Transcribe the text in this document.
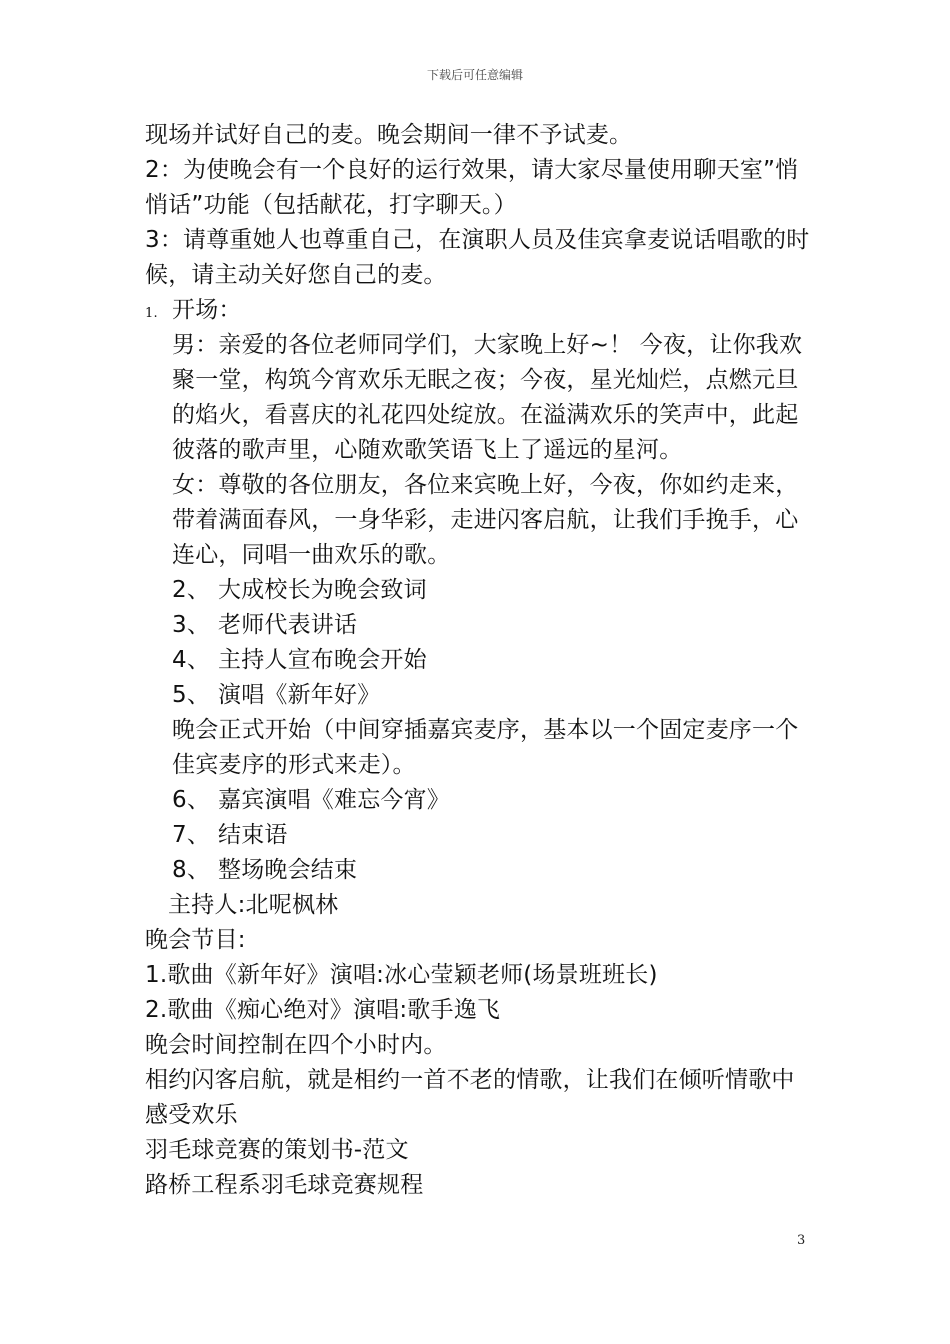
下载后可任意编辑
现场并试好自己的麦。晚会期间一律不予试麦。
2：为使晚会有一个良好的运行效果，请大家尽量使用聊天室”悄
悄话”功能（包括献花，打字聊天。）
3：请尊重她人也尊重自己，在演职人员及佳宾拿麦说话唱歌的时
候，请主动关好您自己的麦。
1. 开场：
男：亲爱的各位老师同学们，大家晚上好~！ 今夜，让你我欢
聚一堂，构筑今宵欢乐无眠之夜；今夜，星光灿烂，点燃元旦
的焰火，看喜庆的礼花四处绽放。在溢满欢乐的笑声中，此起
彼落的歌声里，心随欢歌笑语飞上了遥远的星河。
女：尊敬的各位朋友，各位来宾晚上好，今夜，你如约走来，
带着满面春风，一身华彩，走进闪客启航，让我们手挽手，心
连心，同唱一曲欢乐的歌。
2、 大成校长为晚会致词
3、 老师代表讲话
4、 主持人宣布晚会开始
5、 演唱《新年好》
晚会正式开始（中间穿插嘉宾麦序，基本以一个固定麦序一个
佳宾麦序的形式来走）。
6、 嘉宾演唱《难忘今宵》
7、 结束语
8、 整场晚会结束
主持人:北呢枫林
晚会节目:
1.歌曲《新年好》演唱:冰心莹颖老师(场景班班长)
2.歌曲《痴心绝对》演唱:歌手逸飞
晚会时间控制在四个小时内。
相约闪客启航，就是相约一首不老的情歌，让我们在倾听情歌中
感受欢乐
羽毛球竞赛的策划书-范文
路桥工程系羽毛球竞赛规程
3
